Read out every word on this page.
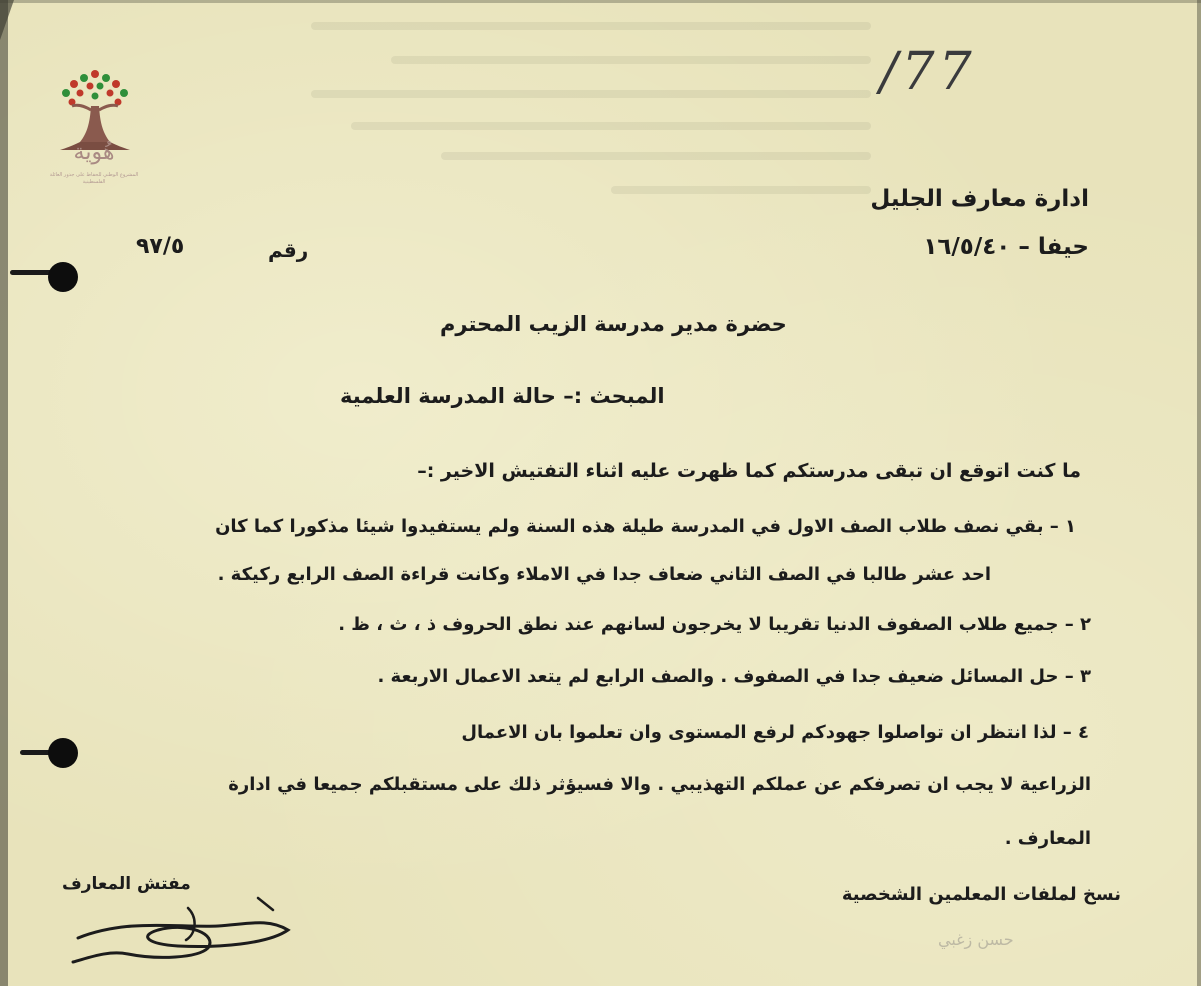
هُوية
المشروع الوطني للحفاظ على جذور العائلة الفلسطينية
/77
ادارة معارف الجليل
حيفا – ١٦/٥/٤٠
رقم
٩٧/٥
حضرة مدير مدرسة الزيب المحترم
المبحث :– حالة المدرسة العلمية
ما كنت اتوقع ان تبقى مدرستكم كما ظهرت عليه اثناء التفتيش الاخير :–
١ – بقي نصف طلاب الصف الاول في المدرسة طيلة هذه السنة ولم يستفيدوا شيئا مذكورا كما كان
احد عشر طالبا في الصف الثاني ضعاف جدا في الاملاء وكانت قراءة الصف الرابع ركيكة .
٢ – جميع طلاب الصفوف الدنيا تقريبا لا يخرجون لسانهم عند نطق الحروف ذ ، ث ، ظ .
٣ – حل المسائل ضعيف جدا في الصفوف . والصف الرابع لم يتعد الاعمال الاربعة .
٤ – لذا انتظر ان تواصلوا جهودكم لرفع المستوى وان تعلموا بان الاعمال
الزراعية لا يجب ان تصرفكم عن عملكم التهذيبي . والا فسيؤثر ذلك على مستقبلكم جميعا في ادارة
المعارف .
مفتش المعارف	نسخ لملفات المعلمين الشخصية
حسن زغبي
